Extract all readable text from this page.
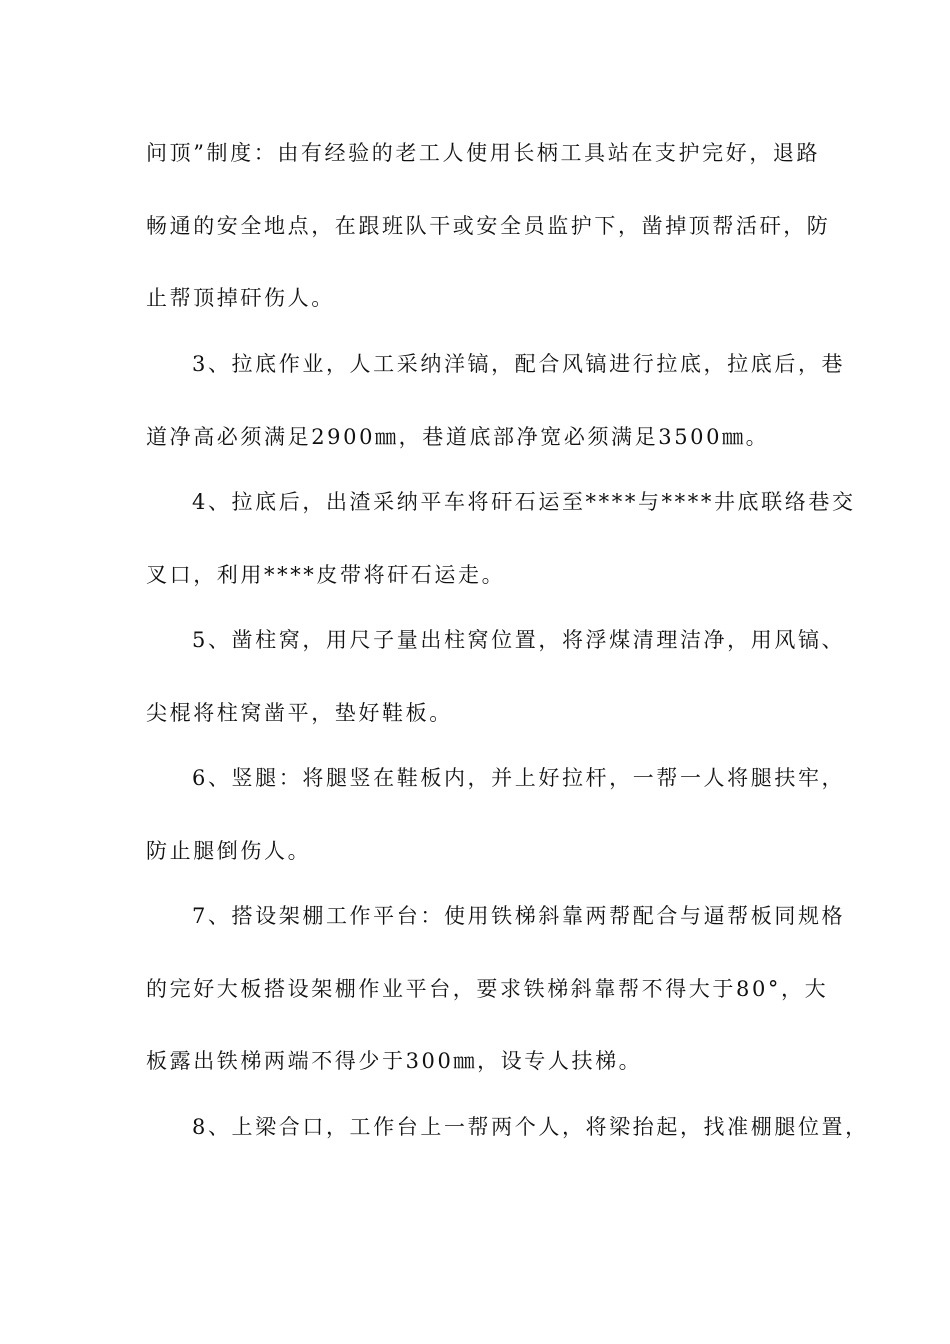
问顶”制度：由有经验的老工人使用长柄工具站在支护完好，退路

畅通的安全地点，在跟班队干或安全员监护下，凿掉顶帮活矸，防

止帮顶掉矸伤人。

3、拉底作业，人工采纳洋镐，配合风镐进行拉底，拉底后，巷

道净高必须满足2900㎜，巷道底部净宽必须满足3500㎜。

4、拉底后，出渣采纳平车将矸石运至****与****井底联络巷交

叉口，利用****皮带将矸石运走。

5、凿柱窝，用尺子量出柱窝位置，将浮煤清理洁净，用风镐、

尖棍将柱窝凿平，垫好鞋板。

6、竖腿：将腿竖在鞋板内，并上好拉杆，一帮一人将腿扶牢，

防止腿倒伤人。

7、搭设架棚工作平台：使用铁梯斜靠两帮配合与逼帮板同规格

的完好大板搭设架棚作业平台，要求铁梯斜靠帮不得大于80°，大

板露出铁梯两端不得少于300㎜，设专人扶梯。

8、上梁合口，工作台上一帮两个人，将梁抬起，找准棚腿位置，
